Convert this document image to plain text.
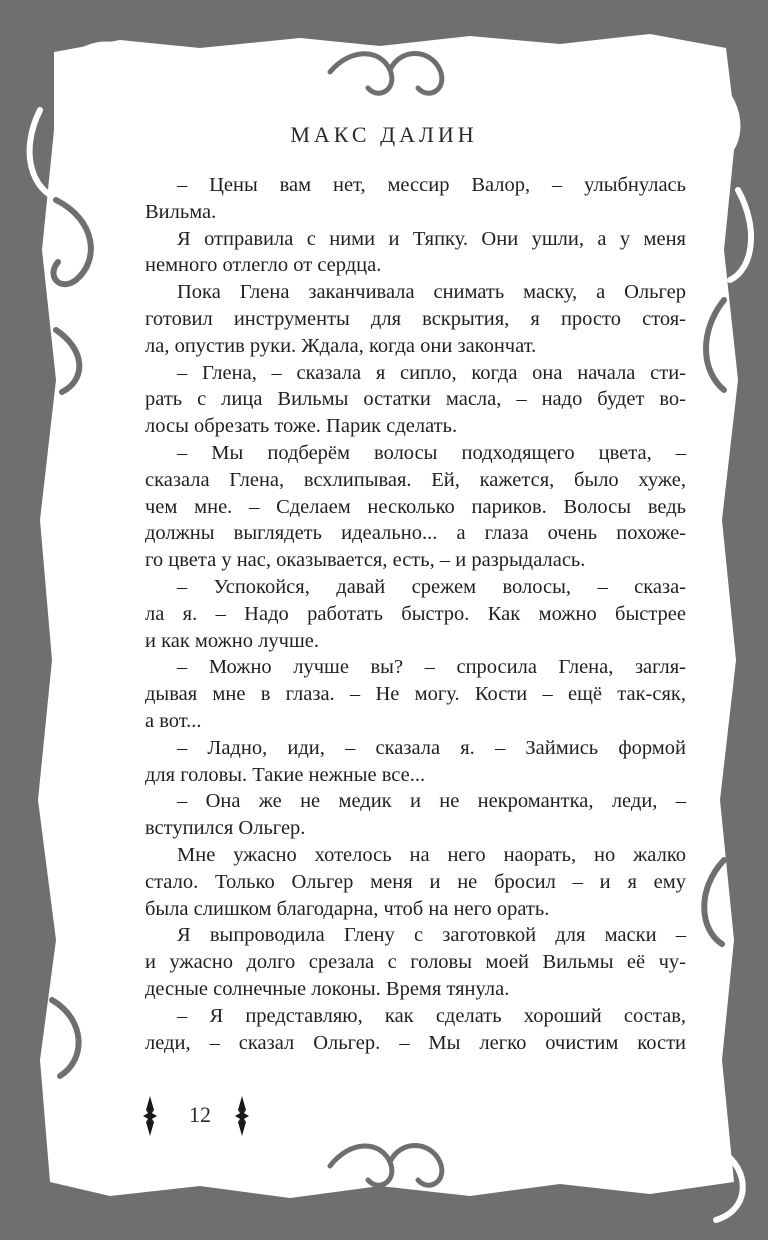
МАКС ДАЛИН
– Цены вам нет, мессир Валор, – улыбнулась
Вильма.
Я отправила с ними и Тяпку. Они ушли, а у меня
немного отлегло от сердца.
Пока Глена заканчивала снимать маску, а Ольгер
готовил инструменты для вскрытия, я просто стоя-
ла, опустив руки. Ждала, когда они закончат.
– Глена, – сказала я сипло, когда она начала сти-
рать с лица Вильмы остатки масла, – надо будет во-
лосы обрезать тоже. Парик сделать.
– Мы подберём волосы подходящего цвета, –
сказала Глена, всхлипывая. Ей, кажется, было хуже,
чем мне. – Сделаем несколько париков. Волосы ведь
должны выглядеть идеально... а глаза очень похоже-
го цвета у нас, оказывается, есть, – и разрыдалась.
– Успокойся, давай срежем волосы, – сказа-
ла я. – Надо работать быстро. Как можно быстрее
и как можно лучше.
– Можно лучше вы? – спросила Глена, загля-
дывая мне в глаза. – Не могу. Кости – ещё так-сяк,
а вот...
– Ладно, иди, – сказала я. – Займись формой
для головы. Такие нежные все...
– Она же не медик и не некромантка, леди, –
вступился Ольгер.
Мне ужасно хотелось на него наорать, но жалко
стало. Только Ольгер меня и не бросил – и я ему
была слишком благодарна, чтоб на него орать.
Я выпроводила Глену с заготовкой для маски –
и ужасно долго срезала с головы моей Вильмы её чу-
десные солнечные локоны. Время тянула.
– Я представляю, как сделать хороший состав,
леди, – сказал Ольгер. – Мы легко очистим кости
12
